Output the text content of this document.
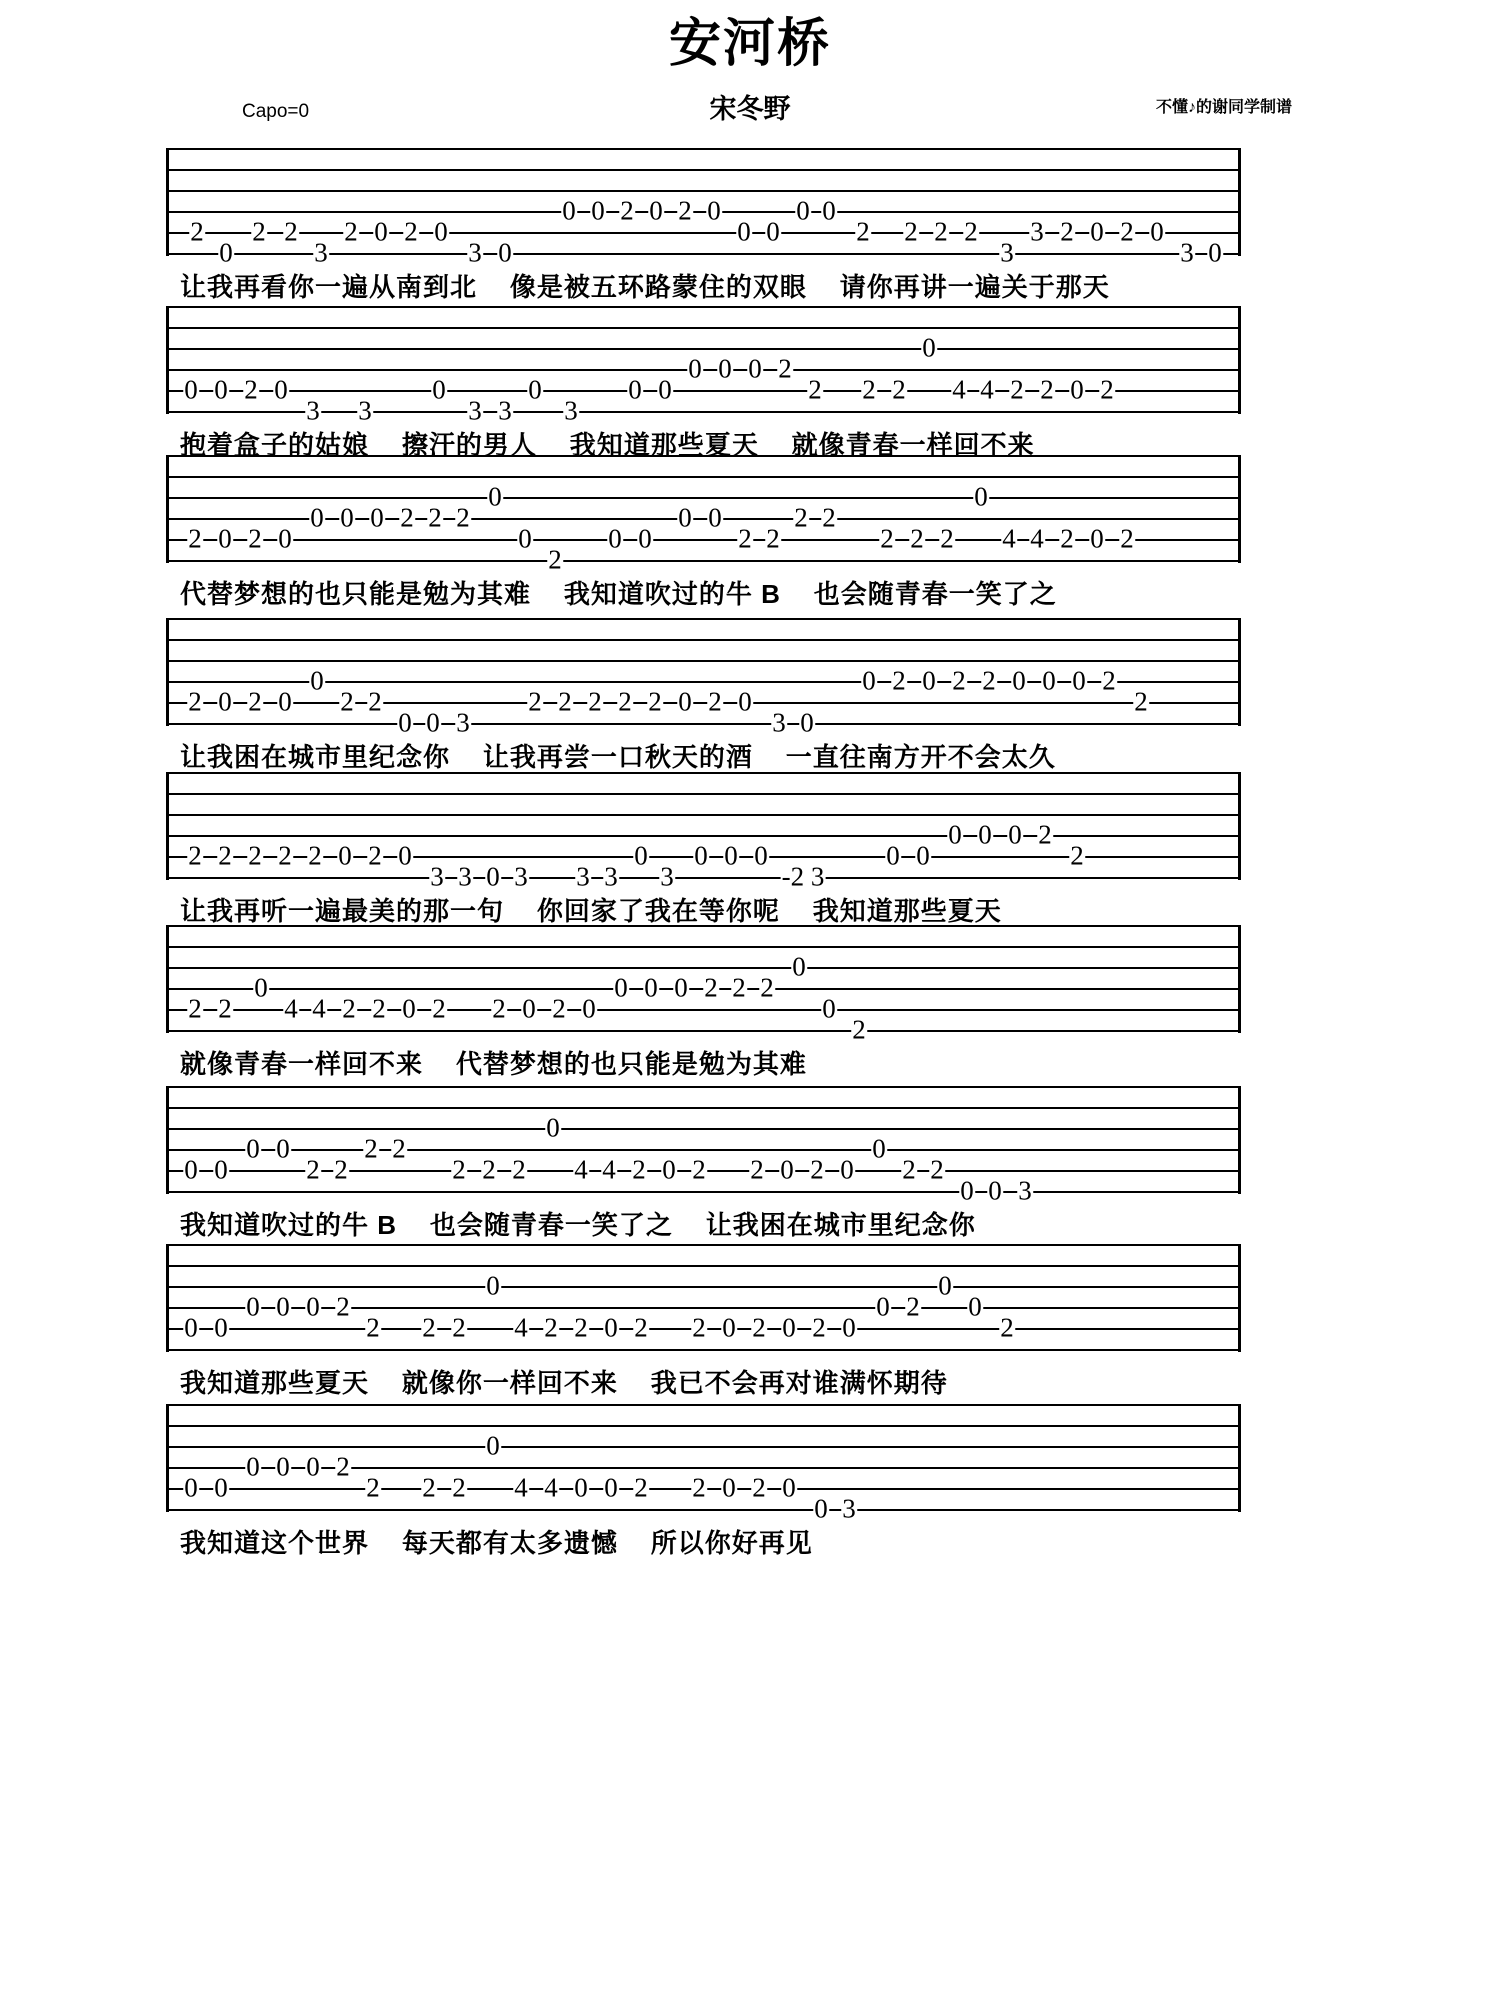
安河桥
宋冬野
Capo=0	不懂♪的谢同学制谱
2
0
2 2
3
2 0 2 0
3 0
0 0 2 0 2 0
0 0
0 0
2 2 2 2
3
3 2 0 2 0
3 0
让我再看你一遍从南到北    像是被五环路蒙住的双眼    请你再讲一遍关于那天
0 0 2 0
3 3
0
3 3
0
3
0 0
0 0 0 2
2 2 2
0
4 4 2 2 0 2
抱着盒子的姑娘    擦汗的男人    我知道那些夏天    就像青春一样回不来
2 0 2 0
0 0 0 2 2 2
0
0
2
0 0
0 0
2 2
2 2
2 2 2
0
4 4 2 0 2
代替梦想的也只能是勉为其难    我知道吹过的牛 B    也会随青春一笑了之
2 0 2 0
0
2 2
0 0 3
2 2 2 2 2 0 2 0
3 0
0 2 0 2 2 0 0 0 2
2
让我困在城市里纪念你    让我再尝一口秋天的酒    一直往南方开不会太久
2 2 2 2 2 0 2 0
3 3 0 3 3 3
0
3
0 0 0
-2 3
0 0
0 0 0 2
2
让我再听一遍最美的那一句    你回家了我在等你呢    我知道那些夏天
2 2
0
4 4 2 2 0 2 2 0 2 0
0 0 0 2 2 2
0
0
2
就像青春一样回不来    代替梦想的也只能是勉为其难
0 0
0 0
2 2
2 2
2 2 2
0
4 4 2 0 2 2 0 2 0
0
2 2
0 0 3
我知道吹过的牛 B    也会随青春一笑了之    让我困在城市里纪念你
0 0
0 0 0 2
2 2 2
0
4 2 2 0 2 2 0 2 0 2 0
0 2
0
0
2
我知道那些夏天    就像你一样回不来    我已不会再对谁满怀期待
0 0
0 0 0 2
2 2 2
0
4 4 0 0 2 2 0 2 0
0 3
我知道这个世界    每天都有太多遗憾    所以你好再见
